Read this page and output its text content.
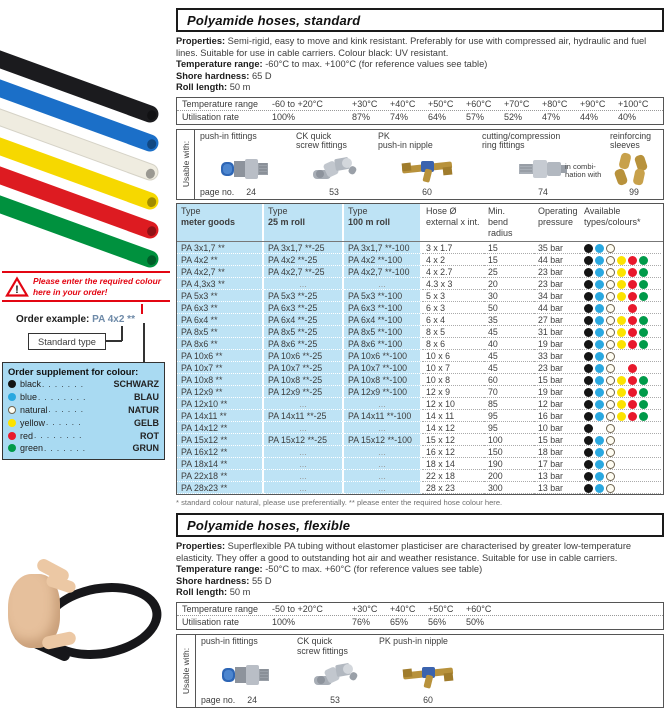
!
Please enter the required colour here in your order!
Order example: PA 4x2 **
Standard type
Order supplement for colour:
black . . . . . . .	SCHWARZ
blue . . . . . . . .	BLAU
natural . . . . . .	NATUR
yellow . . . . . .	GELB
red . . . . . . . .	ROT
green . . . . . . .	GRUN
Polyamide hoses, standard
Properties: Semi-rigid, easy to move and kink resistant. Preferably for use with compressed air, hydraulic and fuel lines. Suitable for use in cable carriers. Colour black: UV resistant.
Temperature range: -60°C to max. +100°C (for reference values see table)
Shore hardness: 65 D
Roll length: 50 m
Temperature range	-60 to +20°C	+30°C	+40°C	+50°C	+60°C	+70°C	+80°C	+90°C	+100°C
Utilisation rate	100%	87%	74%	64%	57%	52%	47%	44%	40%
Usable with:
push-in fittings
page no. 24
CK quick
screw fittings
53
PK
push-in nipple
60
cutting/compression
ring fittings
in combi-
nation with
74
reinforcing
sleeves
99
Type
meter goods
Type
25 m roll
Type
100 m roll
Hose Ø
external x int.
Min.
bend radius
Operating
pressure
Available
types/colours*
PA 3x1,7 **	PA 3x1,7 **-25	PA 3x1,7 **-100	3 x 1.7	15	35 bar
PA 4x2 **	PA 4x2 **-25	PA 4x2 **-100	4 x 2	15	44 bar
PA 4x2,7 **	PA 4x2,7 **-25	PA 4x2,7 **-100	4 x 2.7	25	23 bar
PA 4,3x3 **	...	...	4.3 x 3	20	23 bar
PA 5x3 **	PA 5x3 **-25	PA 5x3 **-100	5 x 3	30	34 bar
PA 6x3 **	PA 6x3 **-25	PA 6x3 **-100	6 x 3	50	44 bar
PA 6x4 **	PA 6x4 **-25	PA 6x4 **-100	6 x 4	35	27 bar
PA 8x5 **	PA 8x5 **-25	PA 8x5 **-100	8 x 5	45	31 bar
PA 8x6 **	PA 8x6 **-25	PA 8x6 **-100	8 x 6	40	19 bar
PA 10x6 **	PA 10x6 **-25	PA 10x6 **-100	10 x 6	45	33 bar
PA 10x7 **	PA 10x7 **-25	PA 10x7 **-100	10 x 7	45	23 bar
PA 10x8 **	PA 10x8 **-25	PA 10x8 **-100	10 x 8	60	15 bar
PA 12x9 **	PA 12x9 **-25	PA 12x9 **-100	12 x 9	70	19 bar
PA 12x10 **	...	...	12 x 10	85	12 bar
PA 14x11 **	PA 14x11 **-25	PA 14x11 **-100	14 x 11	95	16 bar
PA 14x12 **	...	...	14 x 12	95	10 bar
PA 15x12 **	PA 15x12 **-25	PA 15x12 **-100	15 x 12	100	15 bar
PA 16x12 **	...	...	16 x 12	150	18 bar
PA 18x14 **	...	...	18 x 14	190	17 bar
PA 22x18 **	...	...	22 x 18	200	13 bar
PA 28x23 **	...	...	28 x 23	300	13 bar
* standard colour natural, please use preferentially. ** please enter the required hose colour here.
Polyamide hoses, flexible
Properties: Superflexible PA tubing without elastomer plasticiser are characterised by greater low-temperature elasticity. They offer a good to outstanding hot air and weather resistance. Suitable for use in cable carriers.
Temperature range: -50°C to max. +60°C (for reference values see table)
Shore hardness: 55 D
Roll length: 50 m
Temperature range	-50 to +20°C	+30°C	+40°C	+50°C	+60°C
Utilisation rate	100%	76%	65%	56%	50%
Usable with:
push-in fittings
page no. 24
CK quick
screw fittings
53
PK push-in nipple
60
